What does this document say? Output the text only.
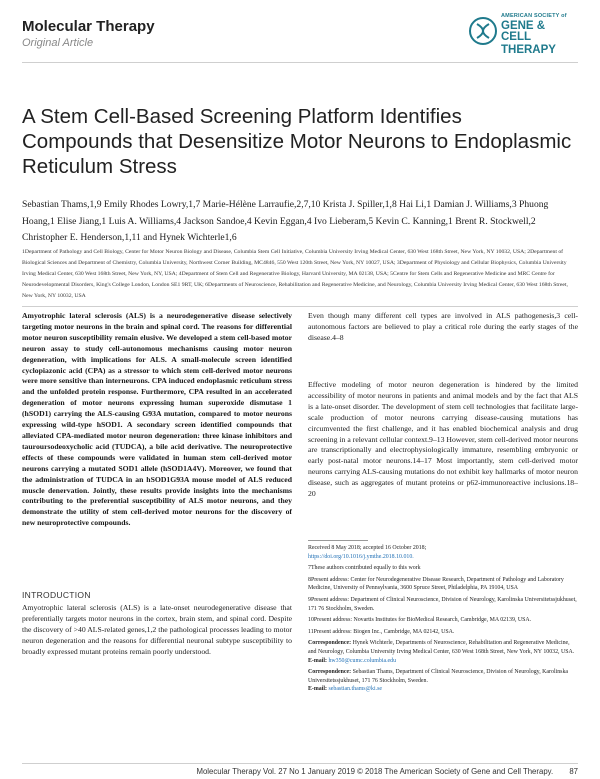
Molecular Therapy
Original Article
AMERICAN SOCIETY of
GENE & CELL
THERAPY
A Stem Cell-Based Screening Platform Identifies Compounds that Desensitize Motor Neurons to Endoplasmic Reticulum Stress
Sebastian Thams,1,9 Emily Rhodes Lowry,1,7 Marie-Hélène Larraufie,2,7,10 Krista J. Spiller,1,8 Hai Li,1 Damian J. Williams,3 Phuong Hoang,1 Elise Jiang,1 Luis A. Williams,4 Jackson Sandoe,4 Kevin Eggan,4 Ivo Lieberam,5 Kevin C. Kanning,1 Brent R. Stockwell,2 Christopher E. Henderson,1,11 and Hynek Wichterle1,6
1Department of Pathology and Cell Biology, Center for Motor Neuron Biology and Disease, Columbia Stem Cell Initiative, Columbia University Irving Medical Center, 630 West 168th Street, New York, NY 10032, USA; 2Department of Biological Sciences and Department of Chemistry, Columbia University, Northwest Corner Building, MC4846, 550 West 120th Street, New York, NY 10027, USA; 3Department of Physiology and Cellular Biophysics, Columbia University Irving Medical Center, 630 West 168th Street, New York, NY, USA; 4Department of Stem Cell and Regenerative Biology, Harvard University, MA 02138, USA; 5Centre for Stem Cells and Regenerative Medicine and MRC Centre for Neurodevelopmental Disorders, King's College London, London SE1 9RT, UK; 6Departments of Neuroscience, Rehabilitation and Regenerative Medicine, and Neurology, Columbia University Irving Medical Center, 630 West 168th Street, New York, NY 10032, USA
Amyotrophic lateral sclerosis (ALS) is a neurodegenerative disease selectively targeting motor neurons in the brain and spinal cord. The reasons for differential motor neuron susceptibility remain elusive. We developed a stem cell-based motor neuron assay to study cell-autonomous mechanisms causing motor neuron degeneration, with implications for ALS. A small-molecule screen identified cyclopiazonic acid (CPA) as a stressor to which stem cell-derived motor neurons were more sensitive than interneurons. CPA induced endoplasmic reticulum stress and the unfolded protein response. Furthermore, CPA resulted in an accelerated degeneration of motor neurons expressing human superoxide dismutase 1 (hSOD1) carrying the ALS-causing G93A mutation, compared to motor neurons expressing wild-type hSOD1. A secondary screen identified compounds that alleviated CPA-mediated motor neuron degeneration: three kinase inhibitors and tauroursodeoxycholic acid (TUDCA), a bile acid derivative. The neuroprotective effects of these compounds were validated in human stem cell-derived motor neurons carrying a mutated SOD1 allele (hSOD1A4V). Moreover, we found that the administration of TUDCA in an hSOD1G93A mouse model of ALS reduced muscle denervation. Jointly, these results provide insights into the mechanisms contributing to the preferential susceptibility of ALS motor neurons, and they demonstrate the utility of stem cell-derived motor neurons for the discovery of new neuroprotective compounds.
INTRODUCTION
Amyotrophic lateral sclerosis (ALS) is a late-onset neurodegenerative disease that preferentially targets motor neurons in the cortex, brain stem, and spinal cord. Despite the discovery of >40 ALS-related genes,1,2 the pathological processes leading to motor neuron degeneration and the reasons for differential neuronal subtype susceptibility to broadly expressed mutant proteins remain poorly understood.
Even though many different cell types are involved in ALS pathogenesis,3 cell-autonomous factors are believed to play a critical role during the early stages of the disease.4–8
Effective modeling of motor neuron degeneration is hindered by the limited accessibility of motor neurons in patients and animal models and by the fact that ALS is a late-onset disorder. The development of stem cell technologies that facilitate large-scale production of motor neurons carrying disease-causing mutations has circumvented the first challenge, and it has enabled biochemical analysis and drug screening in a relevant cellular context.9–13 However, stem cell-derived motor neurons are transcriptionally and electrophysiologically immature, resembling embryonic or early post-natal motor neurons.14–17 Most importantly, stem cell-derived motor neurons carrying ALS-causing mutations do not exhibit key hallmarks of motor neuron disease, such as aggregates of mutant proteins or p62-immunoreactive inclusions.18–20

Received 8 May 2018; accepted 16 October 2018;
https://doi.org/10.1016/j.ymthe.2018.10.010.

7These authors contributed equally to this work

8Present address: Center for Neurodegenerative Disease Research, Department of Pathology and Laboratory Medicine, University of Pennsylvania, 3600 Spruce Street, Philadelphia, PA 19104, USA

9Present address: Department of Clinical Neuroscience, Division of Neurology, Karolinska Universitetssjukhuset, 171 76 Stockholm, Sweden.

10Present address: Novartis Institutes for BioMedical Research, Cambridge, MA 02139, USA.

11Present address: Biogen Inc., Cambridge, MA 02142, USA.

Correspondence: Hynek Wichterle, Departments of Neuroscience, Rehabilitation and Regenerative Medicine, and Neurology, Columbia University Irving Medical Center, 630 West 168th Street, New York, NY 10032, USA.
E-mail: hw350@cumc.columbia.edu

Correspondence: Sebastian Thams, Department of Clinical Neuroscience, Division of Neurology, Karolinska Universitetssjukhuset, 171 76 Stockholm, Sweden.
E-mail: sebastian.thams@ki.se

Molecular Therapy Vol. 27 No 1 January 2019 © 2018 The American Society of Gene and Cell Therapy. 87
